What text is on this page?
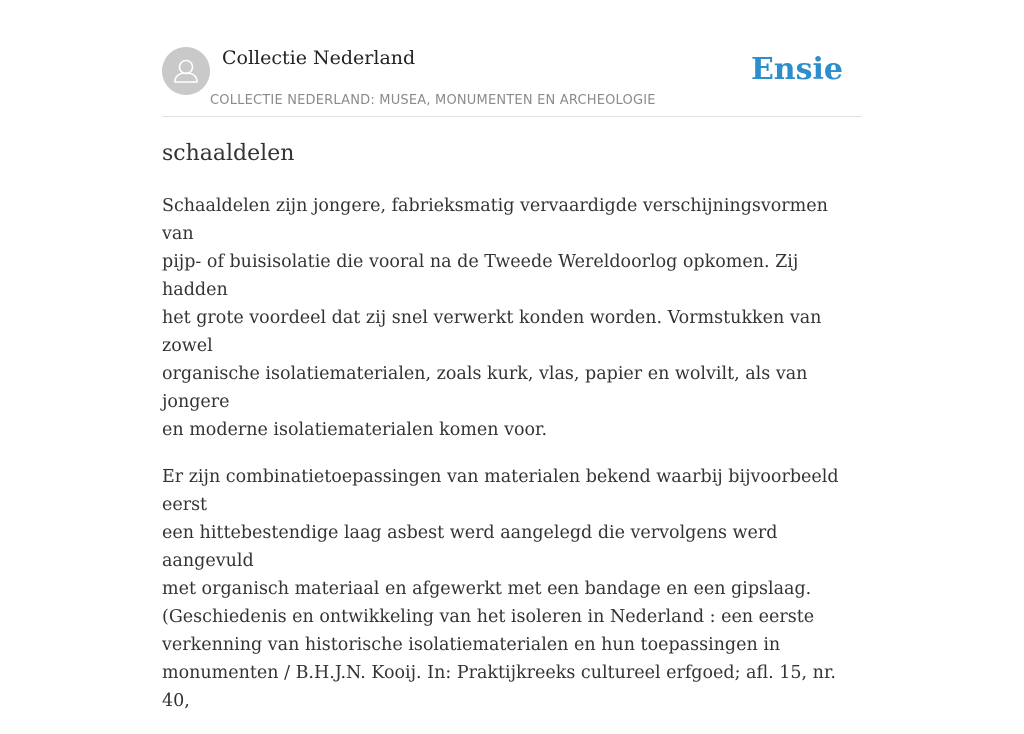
Collectie Nederland
COLLECTIE NEDERLAND: MUSEA, MONUMENTEN EN ARCHEOLOGIE
Ensie
schaaldelen

Schaaldelen zijn jongere, fabrieksmatig vervaardigde verschijningsvormen van
pijp- of buisisolatie die vooral na de Tweede Wereldoorlog opkomen. Zij hadden
het grote voordeel dat zij snel verwerkt konden worden. Vormstukken van zowel
organische isolatiematerialen, zoals kurk, vlas, papier en wolvilt, als van jongere
en moderne isolatiematerialen komen voor.

Er zijn combinatietoepassingen van materialen bekend waarbij bijvoorbeeld eerst
een hittebestendige laag asbest werd aangelegd die vervolgens werd aangevuld
met organisch materiaal en afgewerkt met een bandage en een gipslaag.
(Geschiedenis en ontwikkeling van het isoleren in Nederland : een eerste
verkenning van historische isolatiematerialen en hun toepassingen in
monumenten / B.H.J.N. Kooij. In: Praktijkreeks cultureel erfgoed; afl. 15, nr. 40,
